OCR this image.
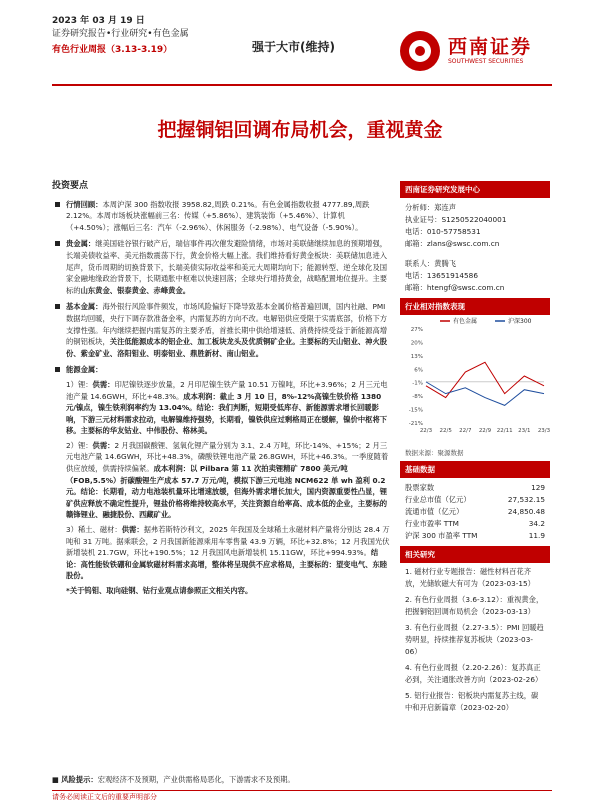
2023 年 03 月 19 日
证券研究报告•行业研究•有色金属
有色行业周报（3.13-3.19）	强于大市(维持)	西南证券
SOUTHWEST SECURITIES
把握铜铝回调布局机会，重视黄金
投资要点
行情回顾：本周沪深 300 指数收报 3958.82,周跌 0.21%。有色金属指数收报 4777.89,周跌 2.12%。本周市场板块涨幅前三名：传媒（+5.86%）、建筑装饰（+5.46%）、计算机（+4.50%）；涨幅后三名：汽车（-2.96%）、休闲服务（-2.98%）、电气设备（-5.90%）。
贵金属：继美国硅谷银行破产后，瑞信事件再次催发避险情绪，市场对美联储继续加息的预期增强，长端美债收益率、美元指数震荡下行，黄金价格大幅上涨。我们维持看好黄金板块：美联储加息进入尾声，货币周期的切换背景下，长端美债实际收益率和美元大周期均向下；能源转型、逆全球化及国家金融地缘政治背景下，长期通胀中枢难以快速回落；全球央行增持黄金，战略配置地位提升。主要标的山东黄金、银泰黄金、赤峰黄金。
基本金属：海外银行风险事件频发，市场风险偏好下降导致基本金属价格普遍回调，国内社融、PMI 数据均回暖，央行下调存款准备金率，内需复苏的方向不改。电解铝供应受限于实需底部，价格下方支撑性强。年内继续把握内需复苏的主要矛盾，首推长期中供给增速低、消费持续受益于新能源高增的铜铝板块，关注低能源成本的铝企业、加工板块龙头及优质铜矿企业。主要标的天山铝业、神火股份、紫金矿业、洛阳钼业、明泰铝业、鼎胜新材、南山铝业。
能源金属：
1）锂：供需：印尼镍铁逐步放量，2 月印尼镍生铁产量 10.51 万镍吨，环比+3.96%；2 月三元电池产量 14.6GWH，环比+48.3%。成本利润：截止 3 月 10 日，8%-12%高镍生铁价格 1380 元/镍点，镍生铁利润率约为 13.04%。结论：我们判断，短期受低库存、新能源需求增长回暖影响，下游三元材料需求拉动，电解镍维持强势，长期看，镍铁供应过剩格局正在缓解，镍价中枢将下移。主要标的华友钴业、中伟股份、格林美。
2）锂：供需：2 月我国碳酸锂、氢氧化锂产量分别为 3.1、2.4 万吨，环比-14%、+15%；2 月三元电池产量 14.6GWH，环比+48.3%，磷酸铁锂电池产量 26.8GWH，环比+46.3%。一季度随着供应放缓，供需持续偏紧。成本利润：以 Pilbara 第 11 次拍卖锂精矿 7800 美元/吨（FOB,5.5%）折碳酸锂生产成本 57.7 万元/吨，模拟下游三元电池 NCM622 单 wh 盈利 0.2 元。结论：长期看，动力电池装机量环比增速放缓，但海外需求增长加大，国内资源重要性凸显，锂矿供应释放不确定性提升，锂盐价格将维持较高水平，关注资源自给率高、成本低的企业，主要标的赣锋锂业、融捷股份、西藏矿业。
3）稀土、磁材：供需：据弗若斯特沙利文，2025 年我国及全球稀土永磁材料产量将分别达 28.4 万吨和 31 万吨。据乘联会，2 月我国新能源乘用车零售量 43.9 万辆，环比+32.8%；12 月我国光伏新增装机 21.7GW，环比+190.5%；12 月我国风电新增装机 15.11GW，环比+994.93%。结论：高性能钕铁硼和金属软磁材料需求高增，整体将呈现供不应求格局，主要标的：望变电气、东睦股份。
*关于钨钼、取向硅钢、钴行业观点请参照正文相关内容。
■ 风险提示：宏观经济不及预期，产业供需格局恶化，下游需求不及预期。
西南证券研究发展中心
分析师：郑连声
执业证号：S1250522040001
电话：010-57758531
邮箱：zlans@swsc.com.cn
联系人：黄腾飞
电话：13651914586
邮箱：htengf@swsc.com.cn
行业相对指数表现
27%
20%
13%
6%
-1%
-8%
-15%
-21%
22/3 22/5 22/7 22/9 22/11 23/1 23/3
有色金属	沪深300
数据来源：聚源数据
基础数据
股票家数	129
行业总市值（亿元）	27,532.15
流通市值（亿元）	24,850.48
行业市盈率 TTM	34.2
沪深 300 市盈率 TTM	11.9
相关研究
1. 磁材行业专题报告：磁性材料百花齐放，光储软磁大有可为（2023-03-15）
2. 有色行业周报（3.6-3.12）：重视黄金，把握铜铝回调布局机会（2023-03-13）
3. 有色行业周报（2.27-3.5）：PMI 回暖趋势明显，持续推荐复苏板块（2023-03-06）
4. 有色行业周报（2.20-2.26）：复苏真正必到，关注通胀改善方向（2023-02-26）
5. 铝行业报告：铝板块内需复苏主线，碳中和开启新篇章（2023-02-20）
请务必阅读正文后的重要声明部分
